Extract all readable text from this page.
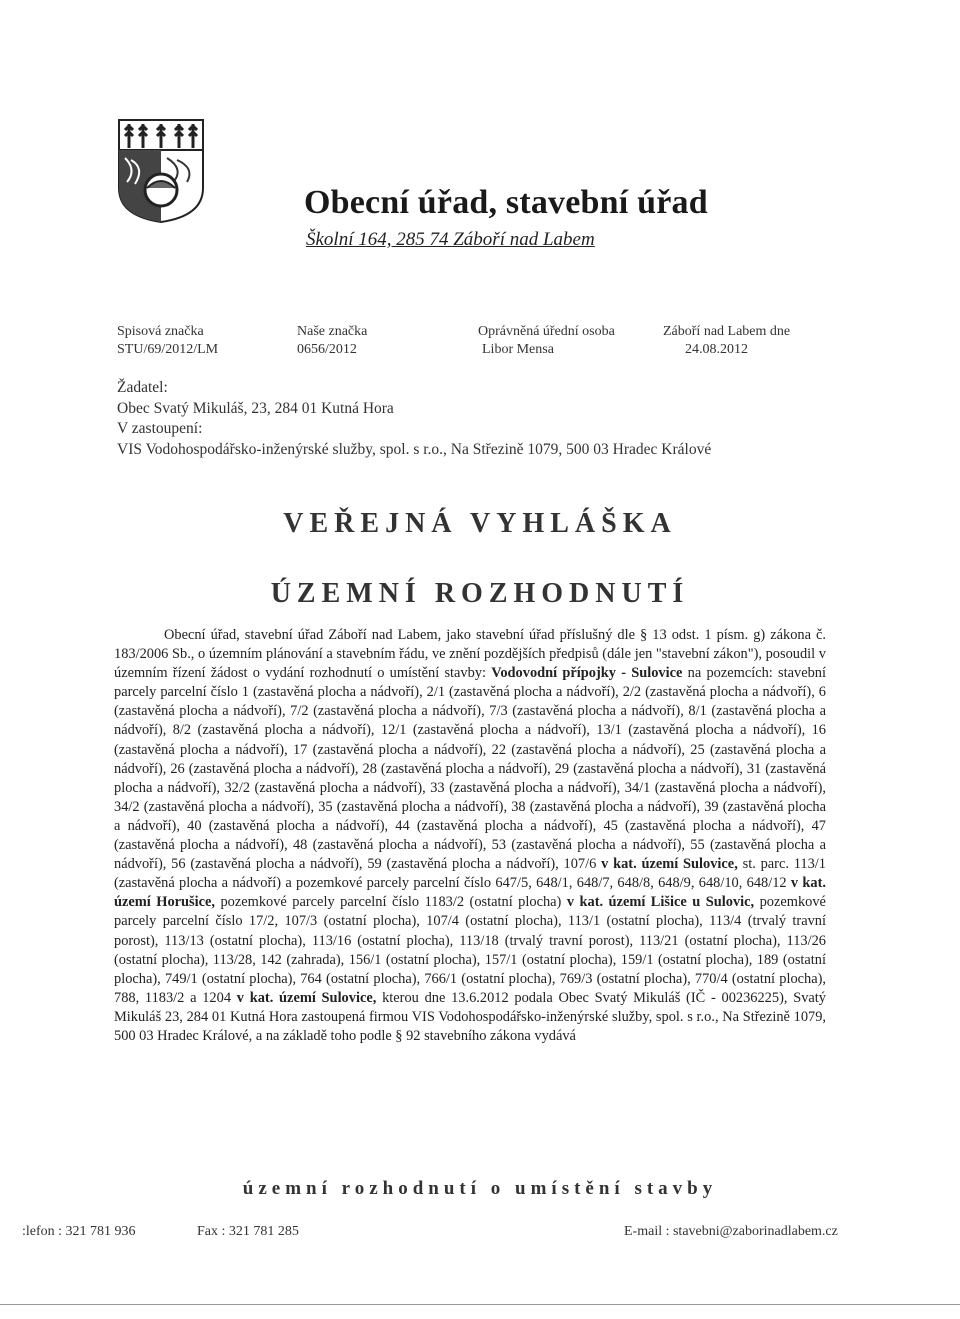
Obecní úřad, stavební úřad
Školní 164, 285 74 Záboří nad Labem
Spisová značka
STU/69/2012/LM
Naše značka
0656/2012
Oprávněná úřední osoba
Libor Mensa
Záboří nad Labem dne
24.08.2012
Žadatel:
Obec Svatý Mikuláš, 23, 284 01 Kutná Hora
V zastoupení:
VIS Vodohospodářsko-inženýrské služby, spol. s r.o., Na Střezině 1079, 500 03 Hradec Králové
VEŘEJNÁ VYHLÁŠKA
ÚZEMNÍ ROZHODNUTÍ

Obecní úřad, stavební úřad Záboří nad Labem, jako stavební úřad příslušný dle § 13 odst. 1 písm. g) zákona č. 183/2006 Sb., o územním plánování a stavebním řádu, ve znění pozdějších předpisů (dále jen "stavební zákon"), posoudil v územním řízení žádost o vydání rozhodnutí o umístění stavby: Vodovodní přípojky - Sulovice na pozemcích: stavební parcely parcelní číslo 1 (zastavěná plocha a nádvoří), 2/1 (zastavěná plocha a nádvoří), 2/2 (zastavěná plocha a nádvoří), 6 (zastavěná plocha a nádvoří), 7/2 (zastavěná plocha a nádvoří), 7/3 (zastavěná plocha a nádvoří), 8/1 (zastavěná plocha a nádvoří), 8/2 (zastavěná plocha a nádvoří), 12/1 (zastavěná plocha a nádvoří), 13/1 (zastavěná plocha a nádvoří), 16 (zastavěná plocha a nádvoří), 17 (zastavěná plocha a nádvoří), 22 (zastavěná plocha a nádvoří), 25 (zastavěná plocha a nádvoří), 26 (zastavěná plocha a nádvoří), 28 (zastavěná plocha a nádvoří), 29 (zastavěná plocha a nádvoří), 31 (zastavěná plocha a nádvoří), 32/2 (zastavěná plocha a nádvoří), 33 (zastavěná plocha a nádvoří), 34/1 (zastavěná plocha a nádvoří), 34/2 (zastavěná plocha a nádvoří), 35 (zastavěná plocha a nádvoří), 38 (zastavěná plocha a nádvoří), 39 (zastavěná plocha a nádvoří), 40 (zastavěná plocha a nádvoří), 44 (zastavěná plocha a nádvoří), 45 (zastavěná plocha a nádvoří), 47 (zastavěná plocha a nádvoří), 48 (zastavěná plocha a nádvoří), 53 (zastavěná plocha a nádvoří), 55 (zastavěná plocha a nádvoří), 56 (zastavěná plocha a nádvoří), 59 (zastavěná plocha a nádvoří), 107/6 v kat. území Sulovice, st. parc. 113/1 (zastavěná plocha a nádvoří) a pozemkové parcely parcelní číslo 647/5, 648/1, 648/7, 648/8, 648/9, 648/10, 648/12 v kat. území Horušice, pozemkové parcely parcelní číslo 1183/2 (ostatní plocha) v kat. území Lišice u Sulovic, pozemkové parcely parcelní číslo 17/2, 107/3 (ostatní plocha), 107/4 (ostatní plocha), 113/1 (ostatní plocha), 113/4 (trvalý travní porost), 113/13 (ostatní plocha), 113/16 (ostatní plocha), 113/18 (trvalý travní porost), 113/21 (ostatní plocha), 113/26 (ostatní plocha), 113/28, 142 (zahrada), 156/1 (ostatní plocha), 157/1 (ostatní plocha), 159/1 (ostatní plocha), 189 (ostatní plocha), 749/1 (ostatní plocha), 764 (ostatní plocha), 766/1 (ostatní plocha), 769/3 (ostatní plocha), 770/4 (ostatní plocha), 788, 1183/2 a 1204 v kat. území Sulovice, kterou dne 13.6.2012 podala Obec Svatý Mikuláš (IČ - 00236225), Svatý Mikuláš 23, 284 01 Kutná Hora zastoupená firmou VIS Vodohospodářsko-inženýrské služby, spol. s r.o., Na Střezině 1079, 500 03 Hradec Králové, a na základě toho podle § 92 stavebního zákona vydává

územní rozhodnutí o umístění stavby
:lefon : 321 781 936	Fax : 321 781 285	E-mail : stavebni@zaborinadlabem.cz
